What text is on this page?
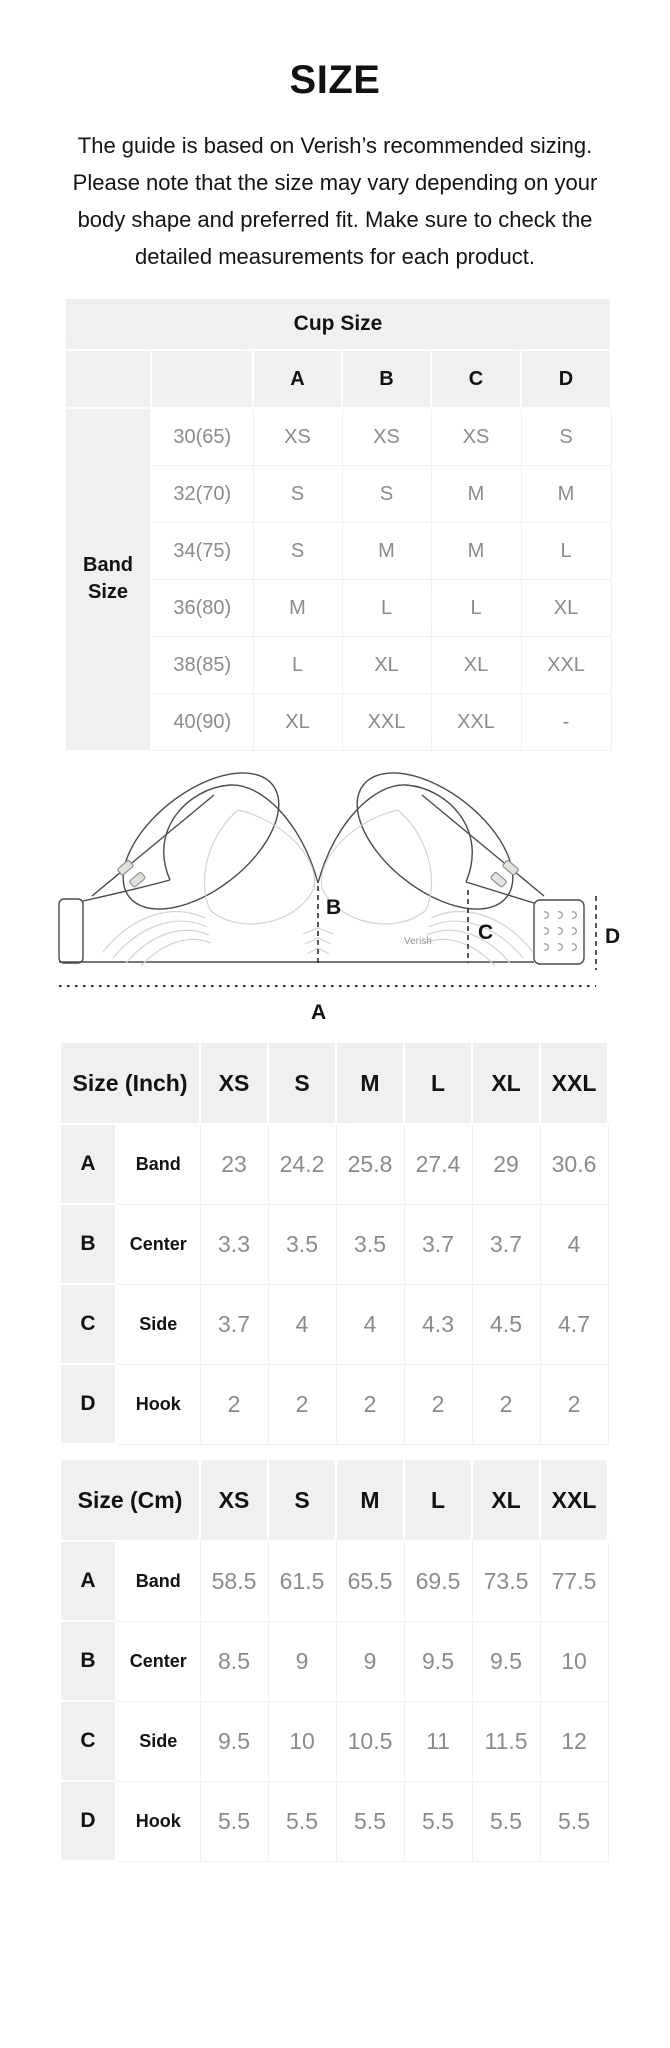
SIZE
The guide is based on Verish’s recommended sizing.
Please note that the size may vary depending on your
body shape and preferred fit. Make sure to check the
detailed measurements for each product.
Cup Size					
		A	B	C	D

Band
Size	30(65)	XS	XS	XS	S
	32(70)	S	S	M	M
	34(75)	S	M	M	L
	36(80)	M	L	L	XL
	38(85)	L	XL	XL	XXL
	40(90)	XL	XXL	XXL	-
B
C	D
A
Verish
Size (Inch)		XS	S	M	L	XL	XXL
A	Band	23	24.2	25.8	27.4	29	30.6
B	Center	3.3	3.5	3.5	3.7	3.7	4
C	Side	3.7	4	4	4.3	4.5	4.7
D	Hook	2	2	2	2	2	2
Size (Cm)		XS	S	M	L	XL	XXL
A	Band	58.5	61.5	65.5	69.5	73.5	77.5
B	Center	8.5	9	9	9.5	9.5	10
C	Side	9.5	10	10.5	11	11.5	12
D	Hook	5.5	5.5	5.5	5.5	5.5	5.5
